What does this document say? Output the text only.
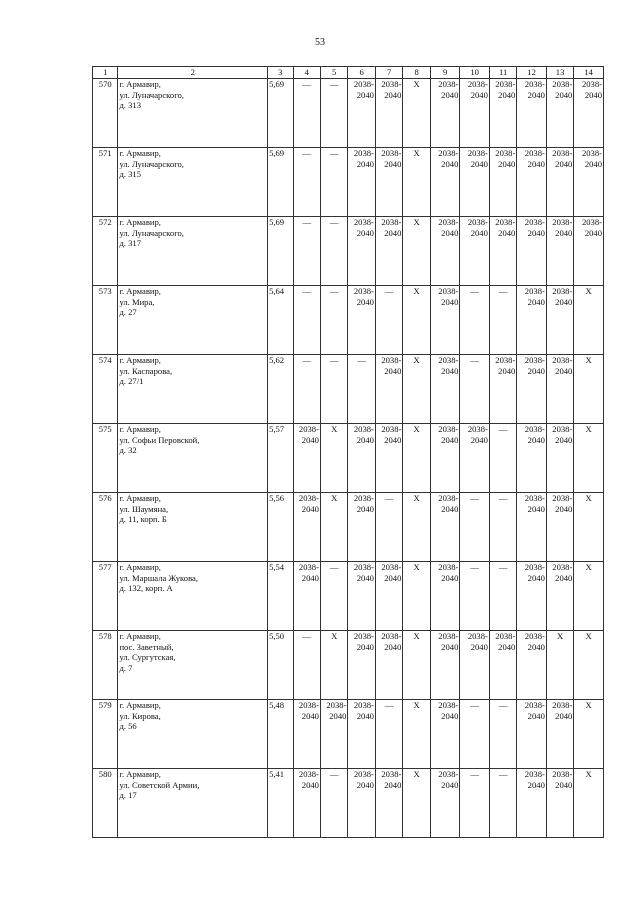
53
1	2	3	4	5	6	7	8	9	10	11	12	13	14
570	г. Армавир,
ул. Луначарского,
д. 313	5,69	—	—	2038-
2040	2038-
2040	X	2038-
2040	2038-
2040	2038-
2040	2038-
2040	2038-
2040	2038-
2040

571	г. Армавир,
ул. Луначарского,
д. 315	5,69	—	—	2038-
2040	2038-
2040	X	2038-
2040	2038-
2040	2038-
2040	2038-
2040	2038-
2040	2038-
2040

572	г. Армавир,
ул. Луначарского,
д. 317	5,69	—	—	2038-
2040	2038-
2040	X	2038-
2040	2038-
2040	2038-
2040	2038-
2040	2038-
2040	2038-
2040

573	г. Армавир,
ул. Мира,
д. 27	5,64	—	—	2038-
2040	—	X	2038-
2040	—	—	2038-
2040	2038-
2040	X
574	г. Армавир,
ул. Каспарова,
д. 27/1	5,62	—	—	—	2038-
2040	X	2038-
2040	—	2038-
2040	2038-
2040	2038-
2040	X
575	г. Армавир,
ул. Софьи Перовской,
д. 32	5,57	2038-
2040	X	2038-
2040	2038-
2040	X	2038-
2040	2038-
2040	—	2038-
2040	2038-
2040	X
576	г. Армавир,
ул. Шаумяна,
д. 11, корп. Б	5,56	2038-
2040	X	2038-
2040	—	X	2038-
2040	—	—	2038-
2040	2038-
2040	X
577	г. Армавир,
ул. Маршала Жукова,
д. 132, корп. А	5,54	2038-
2040	—	2038-
2040	2038-
2040	X	2038-
2040	—	—	2038-
2040	2038-
2040	X
578	г. Армавир,
пос. Заветный,
ул. Сургутская,
д. 7	5,50	—	X	2038-
2040	2038-
2040	X	2038-
2040	2038-
2040	2038-
2040	2038-
2040	X	X
579	г. Армавир,
ул. Кирова,
д. 56	5,48	2038-
2040	2038-
2040	2038-
2040	—	X	2038-
2040	—	—	2038-
2040	2038-
2040	X
580	г. Армавир,
ул. Советской Армии,
д. 17	5,41	2038-
2040	—	2038-
2040	2038-
2040	X	2038-
2040	—	—	2038-
2040	2038-
2040	X
